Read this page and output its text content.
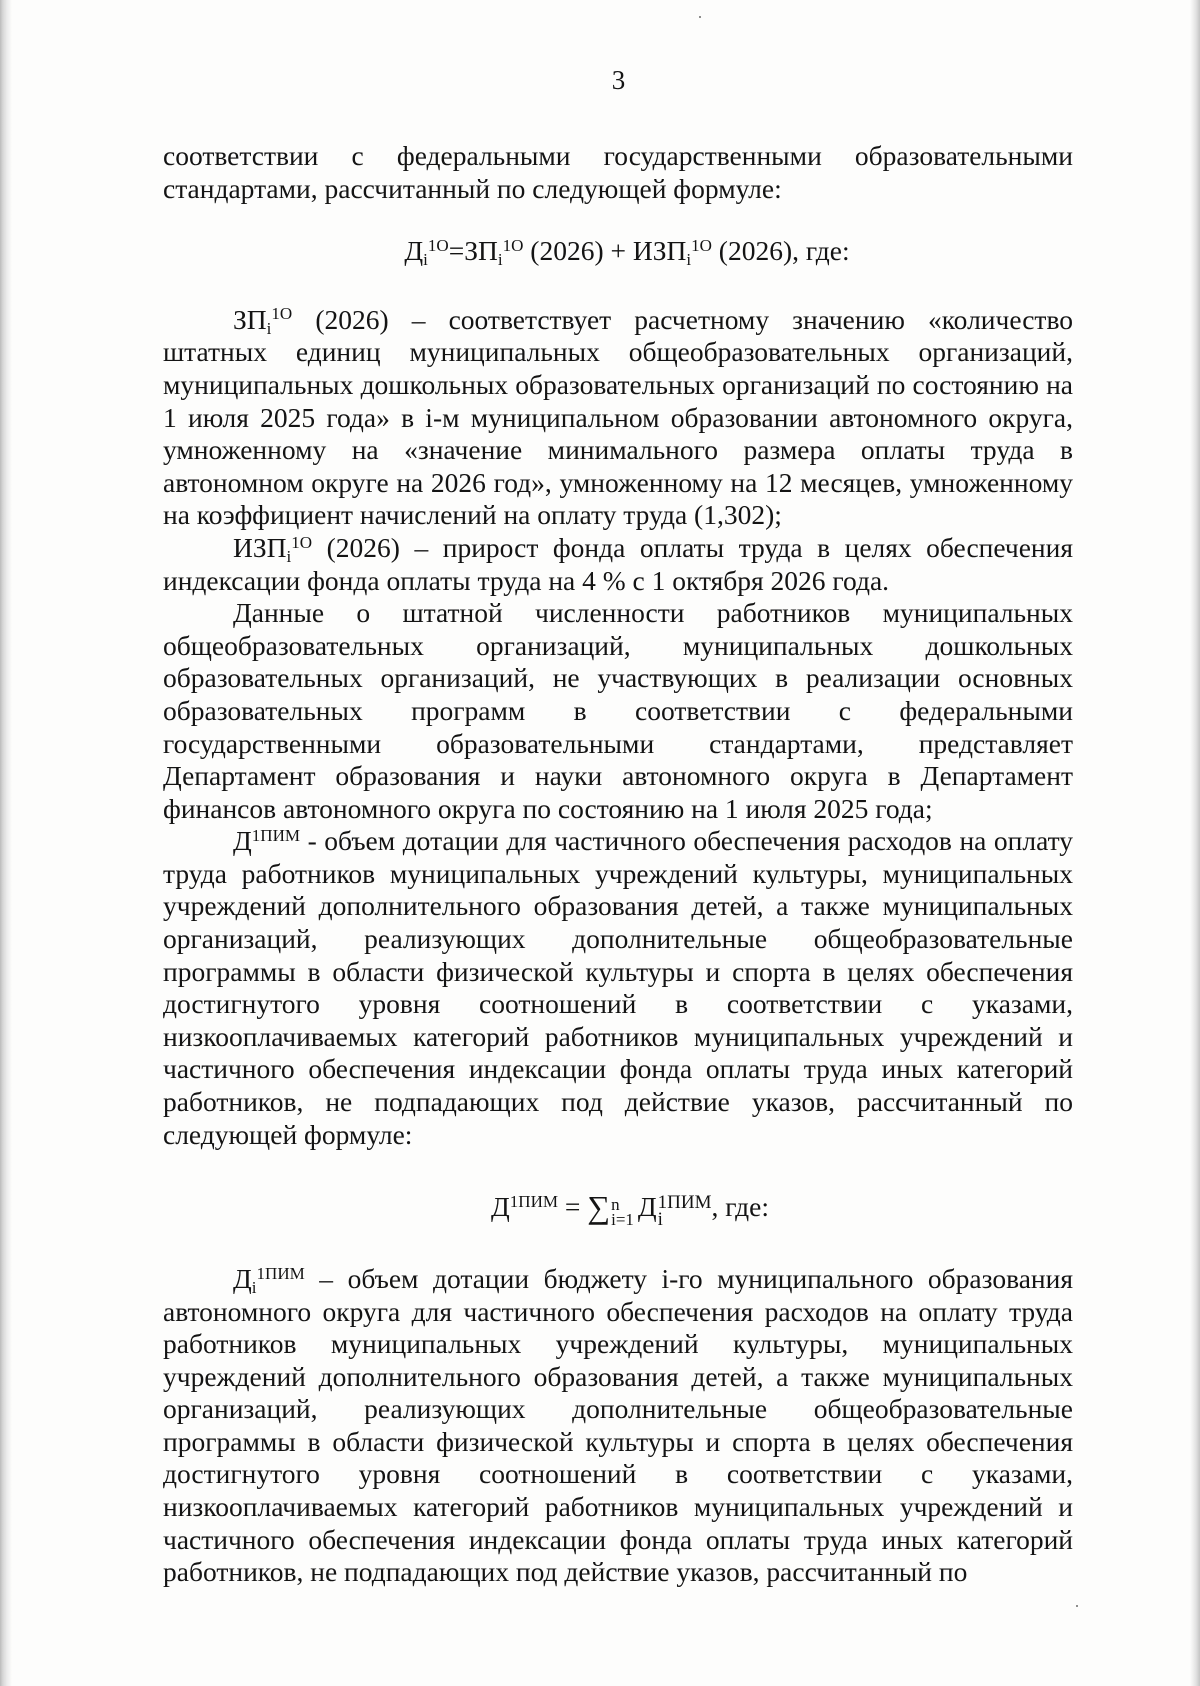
3

соответствии с федеральными государственными образовательными стандартами, рассчитанный по следующей формуле:

$Д_i^{1О}=ЗП_i^{1О}$ $(2026) + ИЗП_i^{1О}$ (2026), где:

$ЗП_i^{1О}$ (2026) – соответствует расчетному значению «количество штатных единиц муниципальных общеобразовательных организаций, муниципальных дошкольных образовательных организаций по состоянию на 1 июля 2025 года» в i-м муниципальном образовании автономного округа, умноженному на «значение минимального размера оплаты труда в автономном округе на 2026 год», умноженному на 12 месяцев, умноженному на коэффициент начислений на оплату труда (1,302);

$ИЗП_i^{1О}$ (2026) – прирост фонда оплаты труда в целях обеспечения индексации фонда оплаты труда на 4 % с 1 октября 2026 года.

Данные о штатной численности работников муниципальных общеобразовательных организаций, муниципальных дошкольных образовательных организаций, не участвующих в реализации основных образовательных программ в соответствии с федеральными государственными образовательными стандартами, представляет Департамент образования и науки автономного округа в Департамент финансов автономного округа по состоянию на 1 июля 2025 года;

$Д^{1ПИМ}$ - объем дотации для частичного обеспечения расходов на оплату труда работников муниципальных учреждений культуры, муниципальных учреждений дополнительного образования детей, а также муниципальных организаций, реализующих дополнительные общеобразовательные программы в области физической культуры и спорта в целях обеспечения достигнутого уровня соотношений в соответствии с указами, низкооплачиваемых категорий работников муниципальных учреждений и частичного обеспечения индексации фонда оплаты труда иных категорий работников, не подпадающих под действие указов, рассчитанный по следующей формуле:

$Д^{1ПИМ}$ = ∑ n
i=1 Д 1ПИМ
i	, где:

$Д_i^{1ПИМ}$ – объем дотации бюджету i-го муниципального образования автономного округа для частичного обеспечения расходов на оплату труда работников муниципальных учреждений культуры, муниципальных учреждений дополнительного образования детей, а также муниципальных организаций, реализующих дополнительные общеобразовательные программы в области физической культуры и спорта в целях обеспечения достигнутого уровня соотношений в соответствии с указами, низкооплачиваемых категорий работников муниципальных учреждений и частичного обеспечения индексации фонда оплаты труда иных категорий работников, не подпадающих под действие указов, рассчитанный по
